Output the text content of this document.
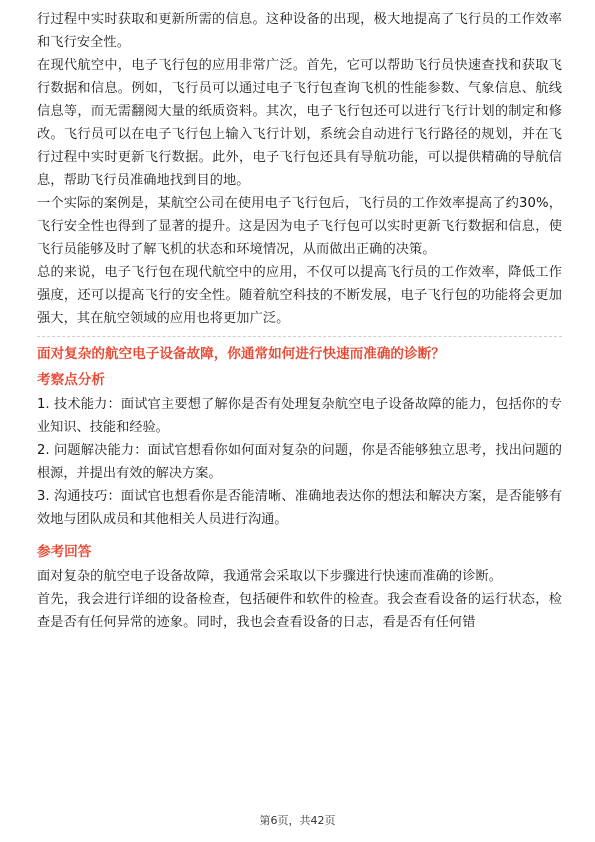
行过程中实时获取和更新所需的信息。这种设备的出现，极大地提高了飞行员的工作效率和飞行安全性。

在现代航空中，电子飞行包的应用非常广泛。首先，它可以帮助飞行员快速查找和获取飞行数据和信息。例如，飞行员可以通过电子飞行包查询飞机的性能参数、气象信息、航线信息等，而无需翻阅大量的纸质资料。其次，电子飞行包还可以进行飞行计划的制定和修改。飞行员可以在电子飞行包上输入飞行计划，系统会自动进行飞行路径的规划，并在飞行过程中实时更新飞行数据。此外，电子飞行包还具有导航功能，可以提供精确的导航信息，帮助飞行员准确地找到目的地。

一个实际的案例是，某航空公司在使用电子飞行包后，飞行员的工作效率提高了约30%，飞行安全性也得到了显著的提升。这是因为电子飞行包可以实时更新飞行数据和信息，使飞行员能够及时了解飞机的状态和环境情况，从而做出正确的决策。

总的来说，电子飞行包在现代航空中的应用，不仅可以提高飞行员的工作效率，降低工作强度，还可以提高飞行的安全性。随着航空科技的不断发展，电子飞行包的功能将会更加强大，其在航空领域的应用也将更加广泛。

面对复杂的航空电子设备故障，你通常如何进行快速而准确的诊断？
考察点分析

1. 技术能力：面试官主要想了解你是否有处理复杂航空电子设备故障的能力，包括你的专业知识、技能和经验。

2. 问题解决能力：面试官想看你如何面对复杂的问题，你是否能够独立思考，找出问题的根源，并提出有效的解决方案。

3. 沟通技巧：面试官也想看你是否能清晰、准确地表达你的想法和解决方案，是否能够有效地与团队成员和其他相关人员进行沟通。

参考回答

面对复杂的航空电子设备故障，我通常会采取以下步骤进行快速而准确的诊断。

首先，我会进行详细的设备检查，包括硬件和软件的检查。我会查看设备的运行状态，检查是否有任何异常的迹象。同时，我也会查看设备的日志，看是否有任何错

第6页，共42页
